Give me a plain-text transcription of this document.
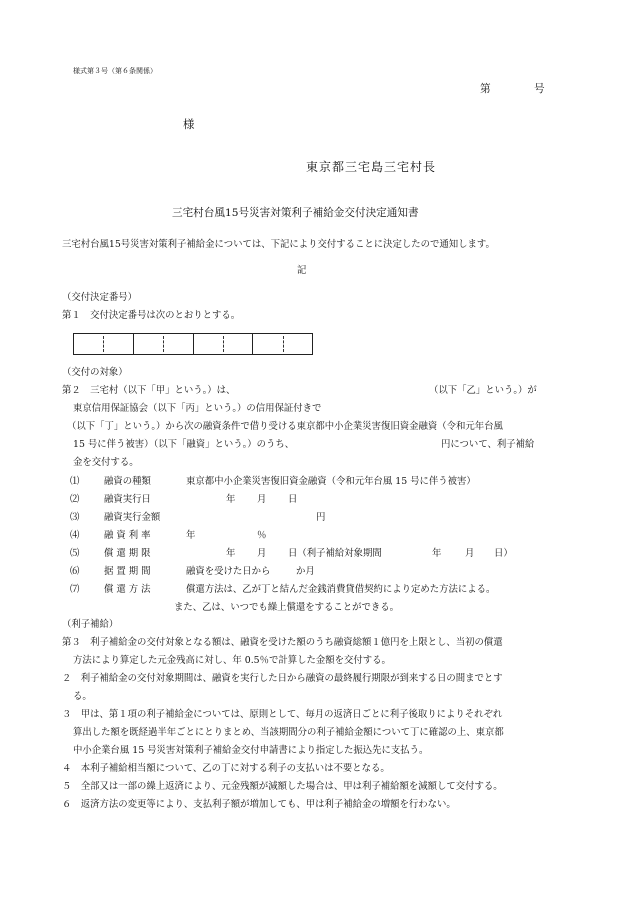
様式第３号（第６条関係）
第	号
様
東京都三宅島三宅村長
三宅村台風15号災害対策利子補給金交付決定通知書
三宅村台風15号災害対策利子補給金については、下記により交付することに決定したので通知します。
記
（交付決定番号）
第１　交付決定番号は次のとおりとする。
（交付の対象）
第２　三宅村（以下「甲」という。）は、	（以下「乙」という。）が
東京信用保証協会（以下「丙」という。）の信用保証付きで
（以下「丁」という。）から次の融資条件で借り受ける東京都中小企業災害復旧資金融資（令和元年台風
15 号に伴う被害）（以下「融資」という。）のうち、	円について、利子補給
金を交付する。
⑴	融資の種類	東京都中小企業災害復旧資金融資（令和元年台風 15 号に伴う被害）
⑵	融資実行日	年 月 日
⑶	融資実行金額	円
⑷	融 資 利 率	年	％
⑸	償 還 期 限	年 月 日（利子補給対象期間	年	月 日）
⑹	据 置 期 間	融資を受けた日から	か月
⑺	償 還 方 法	償還方法は、乙が丁と結んだ金銭消費貸借契約により定めた方法による。
また、乙は、いつでも繰上償還をすることができる。
（利子補給）
第３　利子補給金の交付対象となる額は、融資を受けた額のうち融資総額１億円を上限とし、当初の償還
方法により算定した元金残高に対し、年 0.5％で計算した金額を交付する。
２　利子補給金の交付対象期間は、融資を実行した日から融資の最終履行期限が到来する日の間までとす
る。
３　甲は、第１項の利子補給金については、原則として、毎月の返済日ごとに利子後取りによりそれぞれ
算出した額を既経過半年ごとにとりまとめ、当該期間分の利子補給金額について丁に確認の上、東京都
中小企業台風 15 号災害対策利子補給金交付申請書により指定した振込先に支払う。
４　本利子補給相当額について、乙の丁に対する利子の支払いは不要となる。
５　全部又は一部の繰上返済により、元金残額が減額した場合は、甲は利子補給額を減額して交付する。
６　返済方法の変更等により、支払利子額が増加しても、甲は利子補給金の増額を行わない。
